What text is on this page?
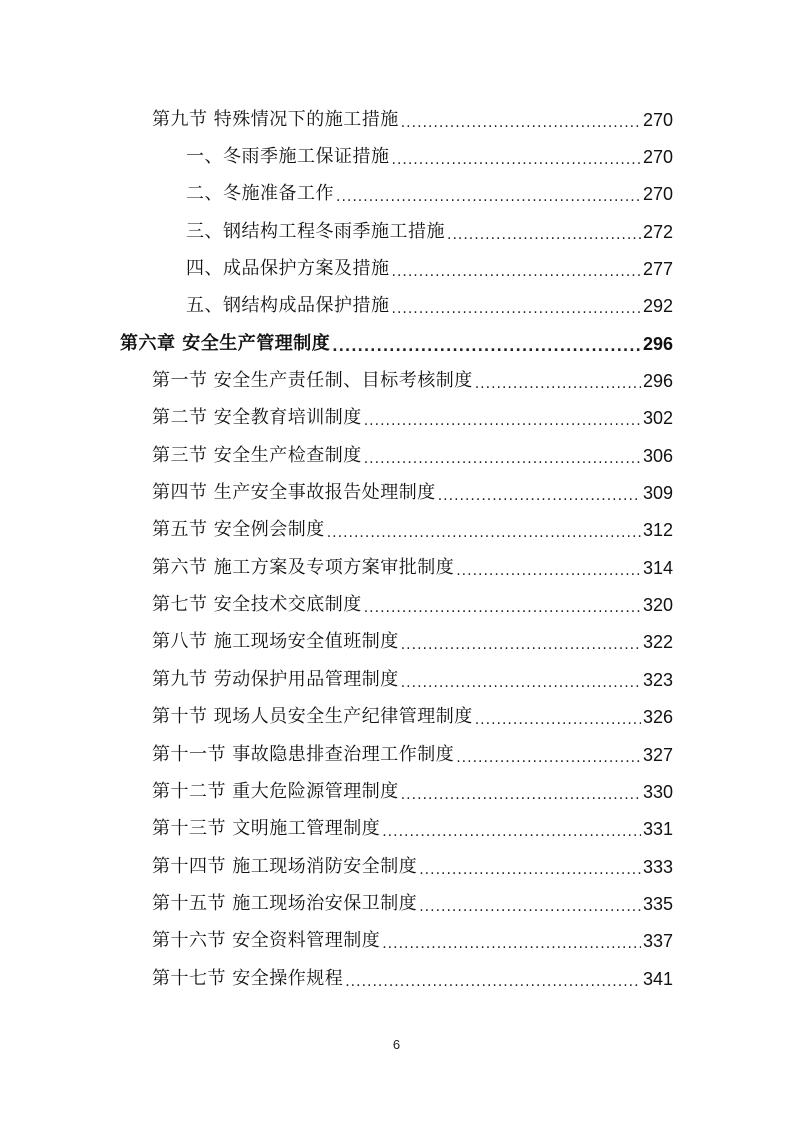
第九节 特殊情况下的施工措施 .....	270
一、冬雨季施工保证措施 .....	270
二、冬施准备工作 .....	270
三、钢结构工程冬雨季施工措施 .....	272
四、成品保护方案及措施 .....	277
五、钢结构成品保护措施 .....	292
第六章 安全生产管理制度 .....	296
第一节 安全生产责任制、目标考核制度 .....	296
第二节 安全教育培训制度 .....	302
第三节 安全生产检查制度 .....	306
第四节 生产安全事故报告处理制度 .....	309
第五节 安全例会制度 .....	312
第六节 施工方案及专项方案审批制度 .....	314
第七节 安全技术交底制度 .....	320
第八节 施工现场安全值班制度 .....	322
第九节 劳动保护用品管理制度 .....	323
第十节 现场人员安全生产纪律管理制度 .....	326
第十一节 事故隐患排查治理工作制度 .....	327
第十二节 重大危险源管理制度 .....	330
第十三节 文明施工管理制度 .....	331
第十四节 施工现场消防安全制度 .....	333
第十五节 施工现场治安保卫制度 .....	335
第十六节 安全资料管理制度 .....	337
第十七节 安全操作规程 .....	341
6
